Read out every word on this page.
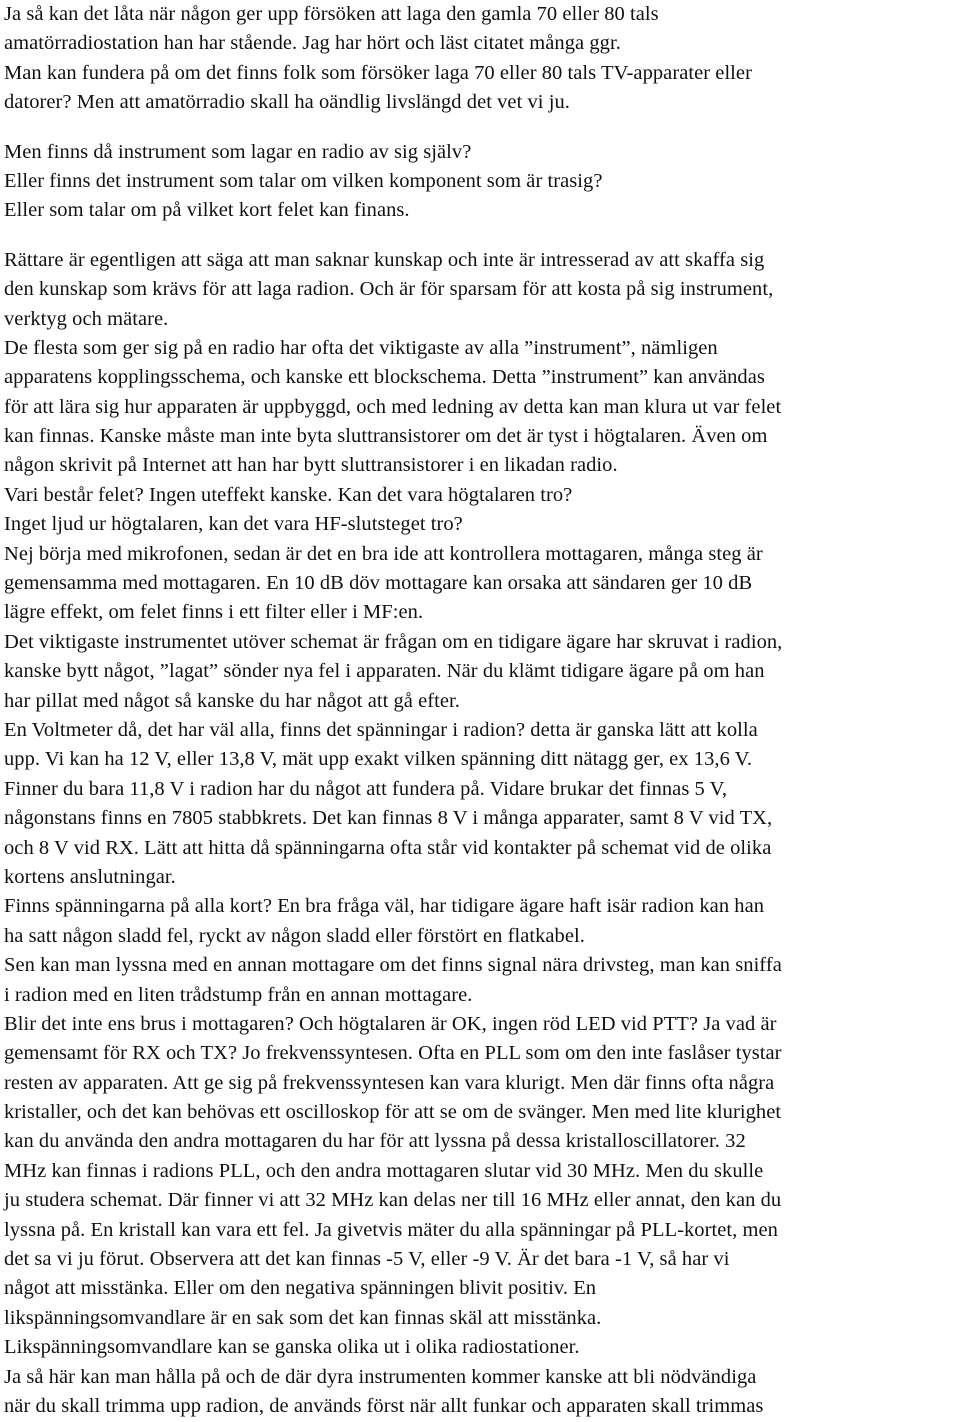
Ja så kan det låta när någon ger upp försöken att laga den gamla 70 eller 80 tals
amatörradiostation han har stående. Jag har hört och läst citatet många ggr.
Man kan fundera på om det finns folk som försöker laga 70 eller 80 tals TV-apparater eller
datorer? Men att amatörradio skall ha oändlig livslängd det vet vi ju.
Men finns då instrument som lagar en radio av sig själv?
Eller finns det instrument som talar om vilken komponent som är trasig?
Eller som talar om på vilket kort felet kan finans.
Rättare är egentligen att säga att man saknar kunskap och inte är intresserad av att skaffa sig
den kunskap som krävs för att laga radion. Och är för sparsam för att kosta på sig instrument,
verktyg och mätare.
De flesta som ger sig på en radio har ofta det viktigaste av alla ”instrument”, nämligen
apparatens kopplingsschema, och kanske ett blockschema. Detta ”instrument” kan användas
för att lära sig hur apparaten är uppbyggd, och med ledning av detta kan man klura ut var felet
kan finnas. Kanske måste man inte byta sluttransistorer om det är tyst i högtalaren. Även om
någon skrivit på Internet att han har bytt sluttransistorer i en likadan radio.
Vari består felet? Ingen uteffekt kanske. Kan det vara högtalaren tro?
Inget ljud ur högtalaren, kan det vara HF-slutsteget tro?
Nej börja med mikrofonen, sedan är det en bra ide att kontrollera mottagaren, många steg är
gemensamma med mottagaren. En 10 dB döv mottagare kan orsaka att sändaren ger 10 dB
lägre effekt, om felet finns i ett filter eller i MF:en.
Det viktigaste instrumentet utöver schemat är frågan om en tidigare ägare har skruvat i radion,
kanske bytt något, ”lagat” sönder nya fel i apparaten. När du klämt tidigare ägare på om han
har pillat med något så kanske du har något att gå efter.
En Voltmeter då, det har väl alla, finns det spänningar i radion? detta är ganska lätt att kolla
upp. Vi kan ha 12 V, eller 13,8 V, mät upp exakt vilken spänning ditt nätagg ger, ex 13,6 V.
Finner du bara 11,8 V i radion har du något att fundera på. Vidare brukar det finnas 5 V,
någonstans finns en 7805 stabbkrets. Det kan finnas 8 V i många apparater, samt 8 V vid TX,
och 8 V vid RX. Lätt att hitta då spänningarna ofta står vid kontakter på schemat vid de olika
kortens anslutningar.
Finns spänningarna på alla kort? En bra fråga väl, har tidigare ägare haft isär radion kan han
ha satt någon sladd fel, ryckt av någon sladd eller förstört en flatkabel.
Sen kan man lyssna med en annan mottagare om det finns signal nära drivsteg, man kan sniffa
i radion med en liten trådstump från en annan mottagare.
Blir det inte ens brus i mottagaren? Och högtalaren är OK, ingen röd LED vid PTT? Ja vad är
gemensamt för RX och TX? Jo frekvenssyntesen. Ofta en PLL som om den inte faslåser tystar
resten av apparaten. Att ge sig på frekvenssyntesen kan vara klurigt. Men där finns ofta några
kristaller, och det kan behövas ett oscilloskop för att se om de svänger. Men med lite klurighet
kan du använda den andra mottagaren du har för att lyssna på dessa kristalloscillatorer. 32
MHz kan finnas i radions PLL, och den andra mottagaren slutar vid 30 MHz. Men du skulle
ju studera schemat. Där finner vi att 32 MHz kan delas ner till 16 MHz eller annat, den kan du
lyssna på. En kristall kan vara ett fel. Ja givetvis mäter du alla spänningar på PLL-kortet, men
det sa vi ju förut. Observera att det kan finnas -5 V, eller -9 V. Är det bara -1 V, så har vi
något att misstänka. Eller om den negativa spänningen blivit positiv. En
likspänningsomvandlare är en sak som det kan finnas skäl att misstänka.
Likspänningsomvandlare kan se ganska olika ut i olika radiostationer.
Ja så här kan man hålla på och de där dyra instrumenten kommer kanske att bli nödvändiga
när du skall trimma upp radion, de används först när allt funkar och apparaten skall trimmas
